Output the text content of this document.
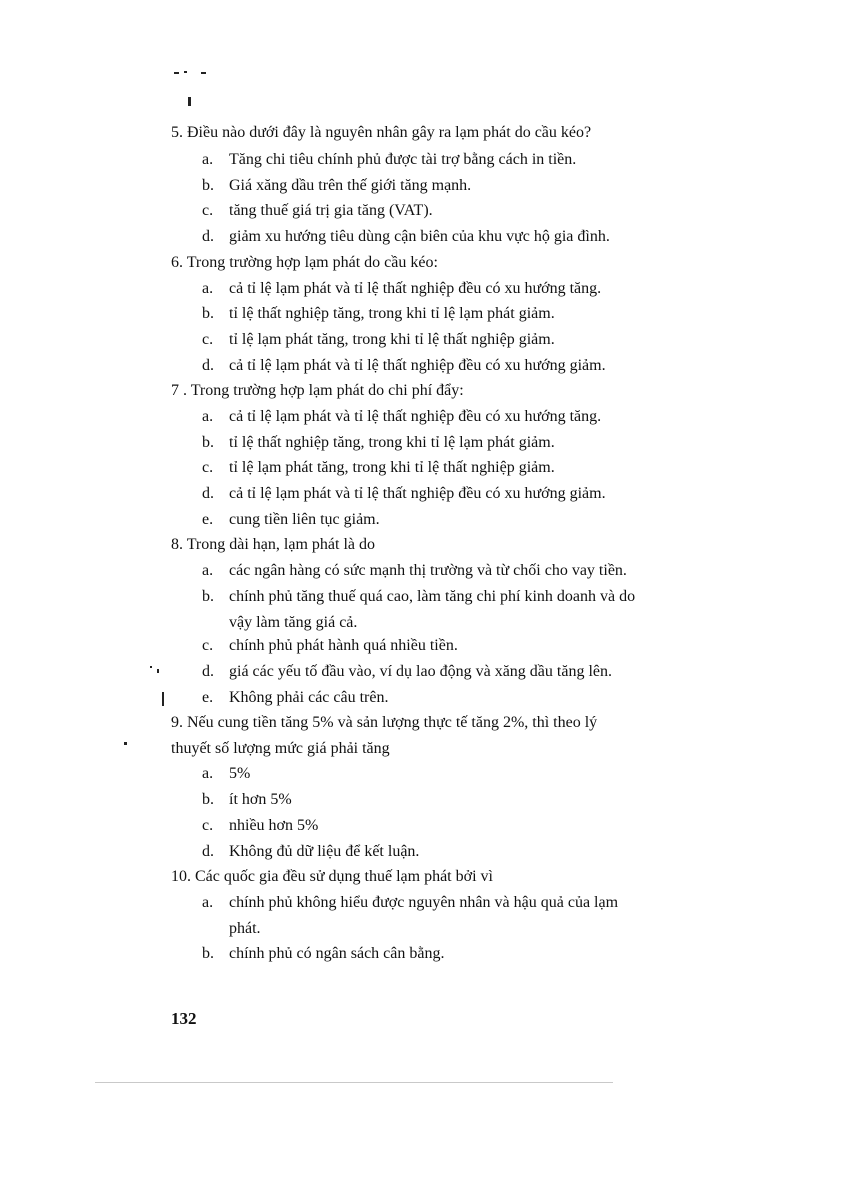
5. Điều nào dưới đây là nguyên nhân gây ra lạm phát do cầu kéo?
a. Tăng chi tiêu chính phủ được tài trợ bằng cách in tiền.
b. Giá xăng dầu trên thế giới tăng mạnh.
c. tăng thuế giá trị gia tăng (VAT).
d. giảm xu hướng tiêu dùng cận biên của khu vực hộ gia đình.
6. Trong trường hợp lạm phát do cầu kéo:
a. cả tỉ lệ lạm phát và tỉ lệ thất nghiệp đều có xu hướng tăng.
b. tỉ lệ thất nghiệp tăng, trong khi tỉ lệ lạm phát giảm.
c. tỉ lệ lạm phát tăng, trong khi tỉ lệ thất nghiệp giảm.
d. cả tỉ lệ lạm phát và tỉ lệ thất nghiệp đều có xu hướng giảm.
7 . Trong trường hợp lạm phát do chi phí đẩy:
a. cả tỉ lệ lạm phát và tỉ lệ thất nghiệp đều có xu hướng tăng.
b. tỉ lệ thất nghiệp tăng, trong khi tỉ lệ lạm phát giảm.
c. tỉ lệ lạm phát tăng, trong khi tỉ lệ thất nghiệp giảm.
d. cả tỉ lệ lạm phát và tỉ lệ thất nghiệp đều có xu hướng giảm.
e. cung tiền liên tục giảm.
8. Trong dài hạn, lạm phát là do
a. các ngân hàng có sức mạnh thị trường và từ chối cho vay tiền.
b. chính phủ tăng thuế quá cao, làm tăng chi phí kinh doanh và do
vậy làm tăng giá cả.
c. chính phủ phát hành quá nhiều tiền.
d. giá các yếu tố đầu vào, ví dụ lao động và xăng dầu tăng lên.
e. Không phải các câu trên.
9. Nếu cung tiền tăng 5% và sản lượng thực tế tăng 2%, thì theo lý
thuyết số lượng mức giá phải tăng
a. 5%
b. ít hơn 5%
c. nhiều hơn 5%
d. Không đủ dữ liệu để kết luận.
10. Các quốc gia đều sử dụng thuế lạm phát bởi vì
a. chính phủ không hiểu được nguyên nhân và hậu quả của lạm
phát.
b. chính phủ có ngân sách cân bằng.
132
